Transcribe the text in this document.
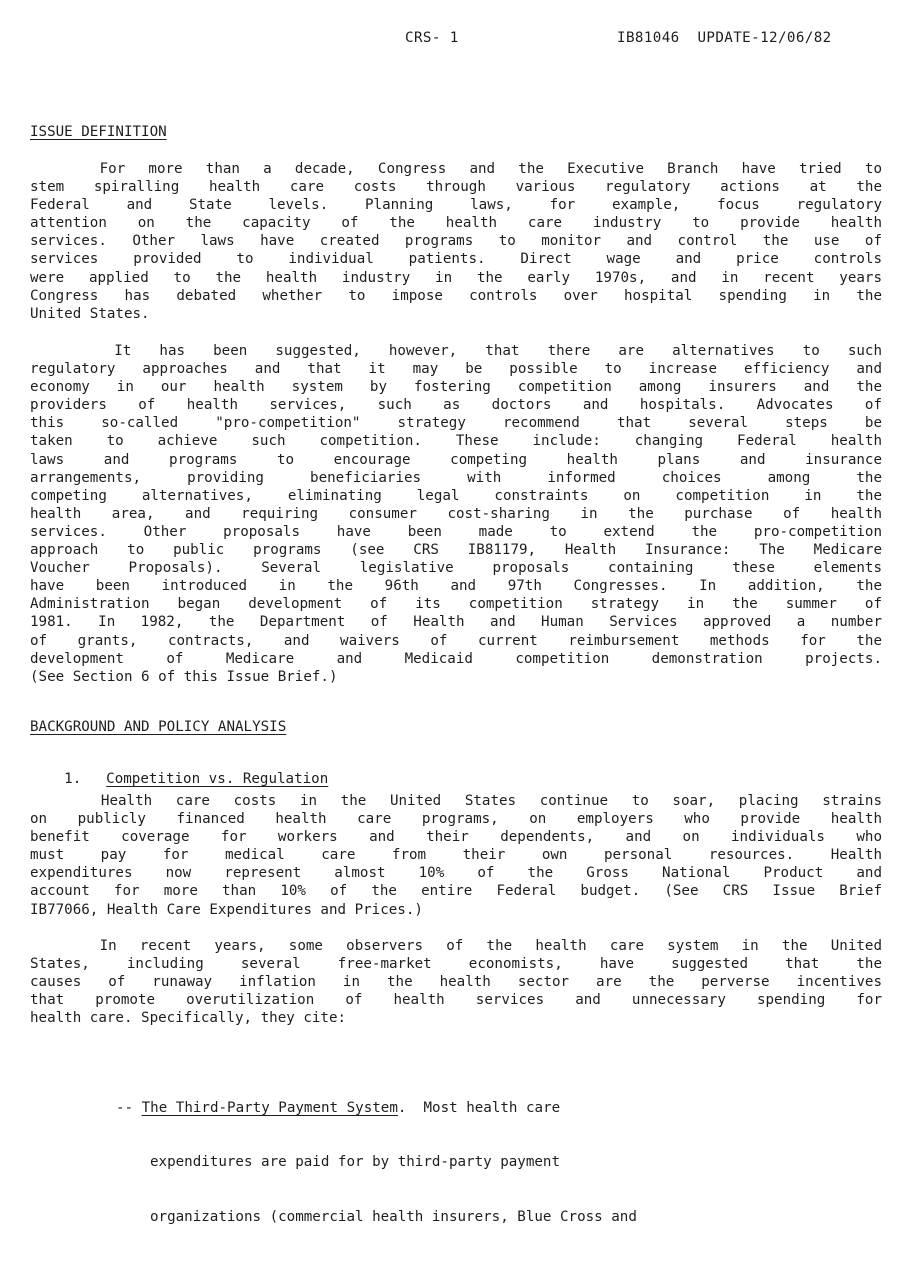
CRS- 1	IB81046  UPDATE-12/06/82
ISSUE DEFINITION
For more than a decade, Congress and the Executive Branch have tried to
stem spiralling health care costs through various regulatory actions at the
Federal and State levels. Planning laws, for example, focus regulatory
attention on the capacity of the health care industry to provide health
services. Other laws have created programs to monitor and control the use of
services provided to individual patients. Direct wage and price controls
were applied to the health industry in the early 1970s, and in recent years
Congress has debated whether to impose controls over hospital spending in the
United States.
It has been suggested, however, that there are alternatives to such
regulatory approaches and that it may be possible to increase efficiency and
economy in our health system by fostering competition among insurers and the
providers of health services, such as doctors and hospitals. Advocates of
this so-called "pro-competition" strategy recommend that several steps be
taken to achieve such competition. These include: changing Federal health
laws and programs to encourage competing health plans and insurance
arrangements, providing beneficiaries with informed choices among the
competing alternatives, eliminating legal constraints on competition in the
health area, and requiring consumer cost-sharing in the purchase of health
services. Other proposals have been made to extend the pro-competition
approach to public programs (see CRS IB81179, Health Insurance: The Medicare
Voucher Proposals). Several legislative proposals containing these elements
have been introduced in the 96th and 97th Congresses. In addition, the
Administration began development of its competition strategy in the summer of
1981. In 1982, the Department of Health and Human Services approved a number
of grants, contracts, and waivers of current reimbursement methods for the
development of Medicare and Medicaid competition demonstration projects.
(See Section 6 of this Issue Brief.)
BACKGROUND AND POLICY ANALYSIS

1. Competition vs. Regulation

Health care costs in the United States continue to soar, placing strains
on publicly financed health care programs, on employers who provide health
benefit coverage for workers and their dependents, and on individuals who
must pay for medical care from their own personal resources. Health
expenditures now represent almost 10% of the Gross National Product and
account for more than 10% of the entire Federal budget. (See CRS Issue Brief
IB77066, Health Care Expenditures and Prices.)
In recent years, some observers of the health care system in the United
States, including several free-market economists, have suggested that the
causes of runaway inflation in the health sector are the perverse incentives
that promote overutilization of health services and unnecessary spending for
health care. Specifically, they cite:

-- The Third-Party Payment System.  Most health care

expenditures are paid for by third-party payment

organizations (commercial health insurers, Blue Cross and
